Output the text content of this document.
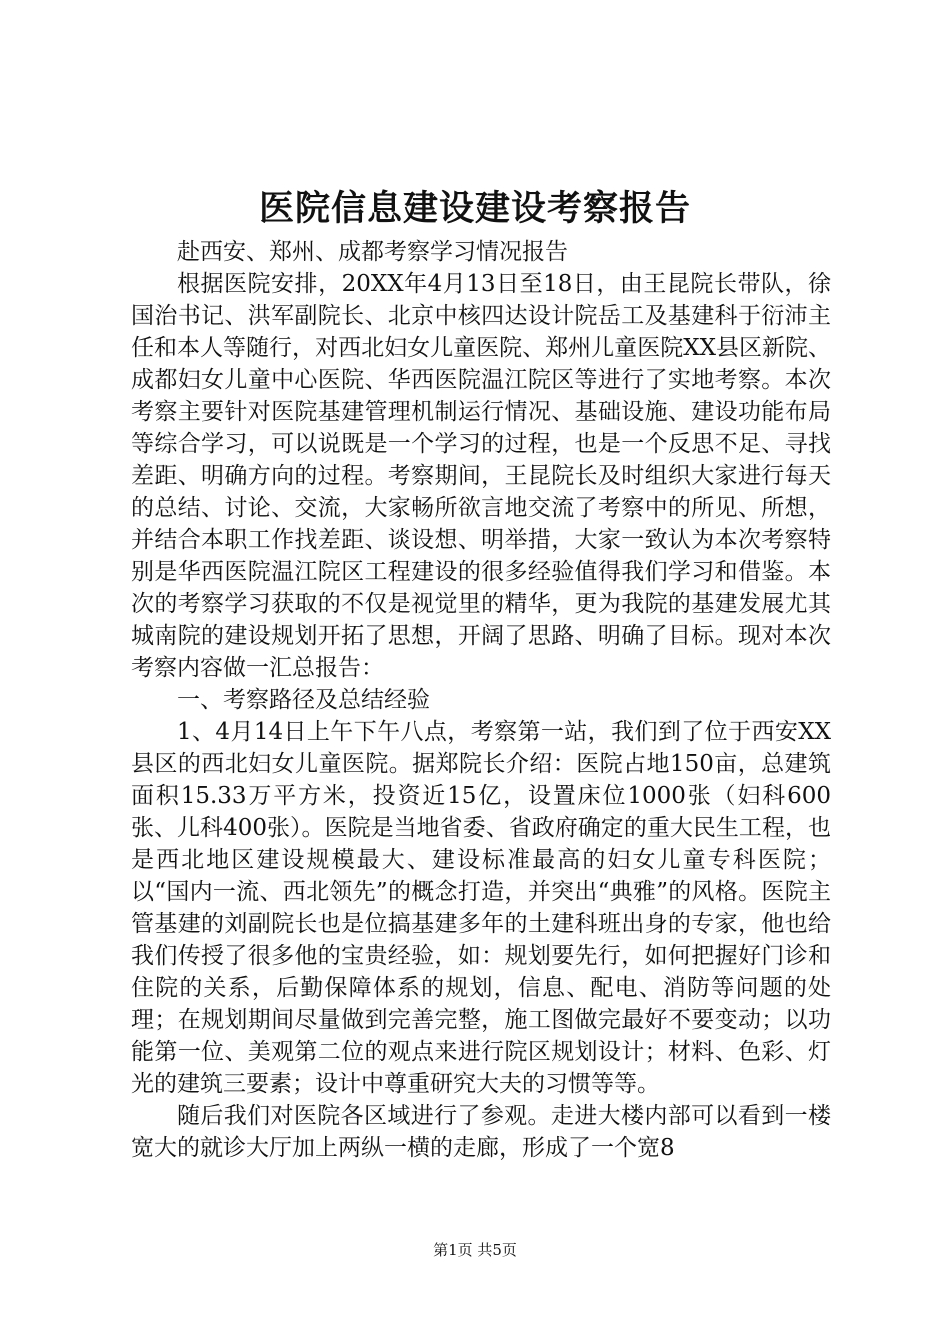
医院信息建设建设考察报告

赴西安、郑州、成都考察学习情况报告

根据医院安排，20XX年4月13日至18日，由王昆院长带队，徐国治书记、洪军副院长、北京中核四达设计院岳工及基建科于衍沛主任和本人等随行，对西北妇女儿童医院、郑州儿童医院XX县区新院、成都妇女儿童中心医院、华西医院温江院区等进行了实地考察。本次考察主要针对医院基建管理机制运行情况、基础设施、建设功能布局等综合学习，可以说既是一个学习的过程，也是一个反思不足、寻找差距、明确方向的过程。考察期间，王昆院长及时组织大家进行每天的总结、讨论、交流，大家畅所欲言地交流了考察中的所见、所想，并结合本职工作找差距、谈设想、明举措，大家一致认为本次考察特别是华西医院温江院区工程建设的很多经验值得我们学习和借鉴。本次的考察学习获取的不仅是视觉里的精华，更为我院的基建发展尤其城南院的建设规划开拓了思想，开阔了思路、明确了目标。现对本次考察内容做一汇总报告：

一、考察路径及总结经验

1、4月14日上午下午八点，考察第一站，我们到了位于西安XX县区的西北妇女儿童医院。据郑院长介绍：医院占地150亩，总建筑面积15.33万平方米，投资近15亿，设置床位1000张（妇科600张、儿科400张）。医院是当地省委、省政府确定的重大民生工程，也是西北地区建设规模最大、建设标准最高的妇女儿童专科医院；以“国内一流、西北领先”的概念打造，并突出“典雅”的风格。医院主管基建的刘副院长也是位搞基建多年的土建科班出身的专家，他也给我们传授了很多他的宝贵经验，如：规划要先行，如何把握好门诊和住院的关系，后勤保障体系的规划，信息、配电、消防等问题的处理；在规划期间尽量做到完善完整，施工图做完最好不要变动；以功能第一位、美观第二位的观点来进行院区规划设计；材料、色彩、灯光的建筑三要素；设计中尊重研究大夫的习惯等等。

随后我们对医院各区域进行了参观。走进大楼内部可以看到一楼宽大的就诊大厅加上两纵一横的走廊，形成了一个宽8

第1页 共5页
